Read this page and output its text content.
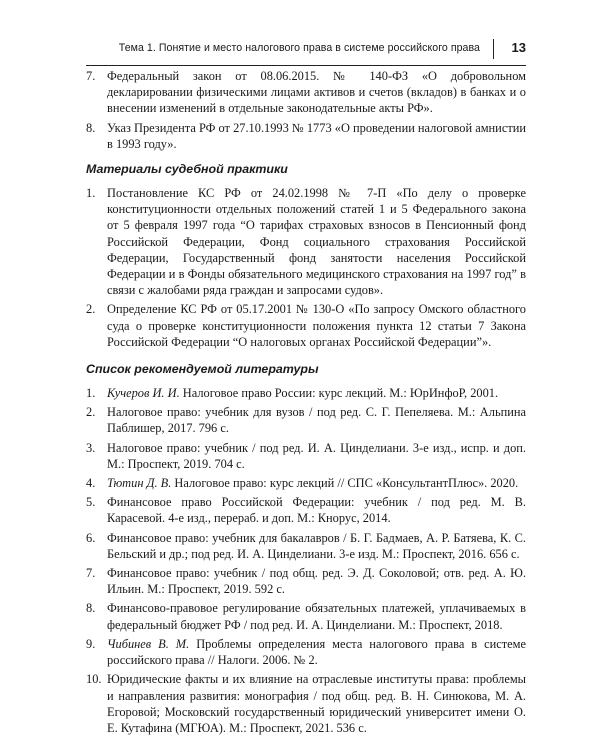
Тема 1. Понятие и место налогового права в системе российского права 13
7. Федеральный закон от 08.06.2015. № 140-ФЗ «О добровольном декларировании физическими лицами активов и счетов (вкладов) в банках и о внесении изменений в отдельные законодательные акты РФ».
8. Указ Президента РФ от 27.10.1993 № 1773 «О проведении налоговой амнистии в 1993 году».
Материалы судебной практики
1. Постановление КС РФ от 24.02.1998 № 7-П «По делу о проверке конституционности отдельных положений статей 1 и 5 Федерального закона от 5 февраля 1997 года “О тарифах страховых взносов в Пенсионный фонд Российской Федерации, Фонд социального страхования Российской Федерации, Государственный фонд занятости населения Российской Федерации и в Фонды обязательного медицинского страхования на 1997 год” в связи с жалобами ряда граждан и запросами судов».
2. Определение КС РФ от 05.17.2001 № 130-О «По запросу Омского областного суда о проверке конституционности положения пункта 12 статьи 7 Закона Российской Федерации “О налоговых органах Российской Федерации”».
Список рекомендуемой литературы
1. Кучеров И. И. Налоговое право России: курс лекций. М.: ЮрИнфоР, 2001.
2. Налоговое право: учебник для вузов / под ред. С. Г. Пепеляева. М.: Альпина Паблишер, 2017. 796 с.
3. Налоговое право: учебник / под ред. И. А. Цинделиани. 3-е изд., испр. и доп. М.: Проспект, 2019. 704 с.
4. Тютин Д. В. Налоговое право: курс лекций // СПС «КонсультантПлюс». 2020.
5. Финансовое право Российской Федерации: учебник / под ред. М. В. Карасевой. 4-е изд., перераб. и доп. М.: Кнорус, 2014.
6. Финансовое право: учебник для бакалавров / Б. Г. Бадмаев, А. Р. Батяева, К. С. Бельский и др.; под ред. И. А. Цинделиани. 3-е изд. М.: Проспект, 2016. 656 с.
7. Финансовое право: учебник / под общ. ред. Э. Д. Соколовой; отв. ред. А. Ю. Ильин. М.: Проспект, 2019. 592 с.
8. Финансово-правовое регулирование обязательных платежей, уплачиваемых в федеральный бюджет РФ / под ред. И. А. Цинделиани. М.: Проспект, 2018.
9. Чибинев В. М. Проблемы определения места налогового права в системе российского права // Налоги. 2006. № 2.
10. Юридические факты и их влияние на отраслевые институты права: проблемы и направления развития: монография / под общ. ред. В. Н. Синюкова, М. А. Егоровой; Московский государственный юридический университет имени О. Е. Кутафина (МГЮА). М.: Проспект, 2021. 536 с.
